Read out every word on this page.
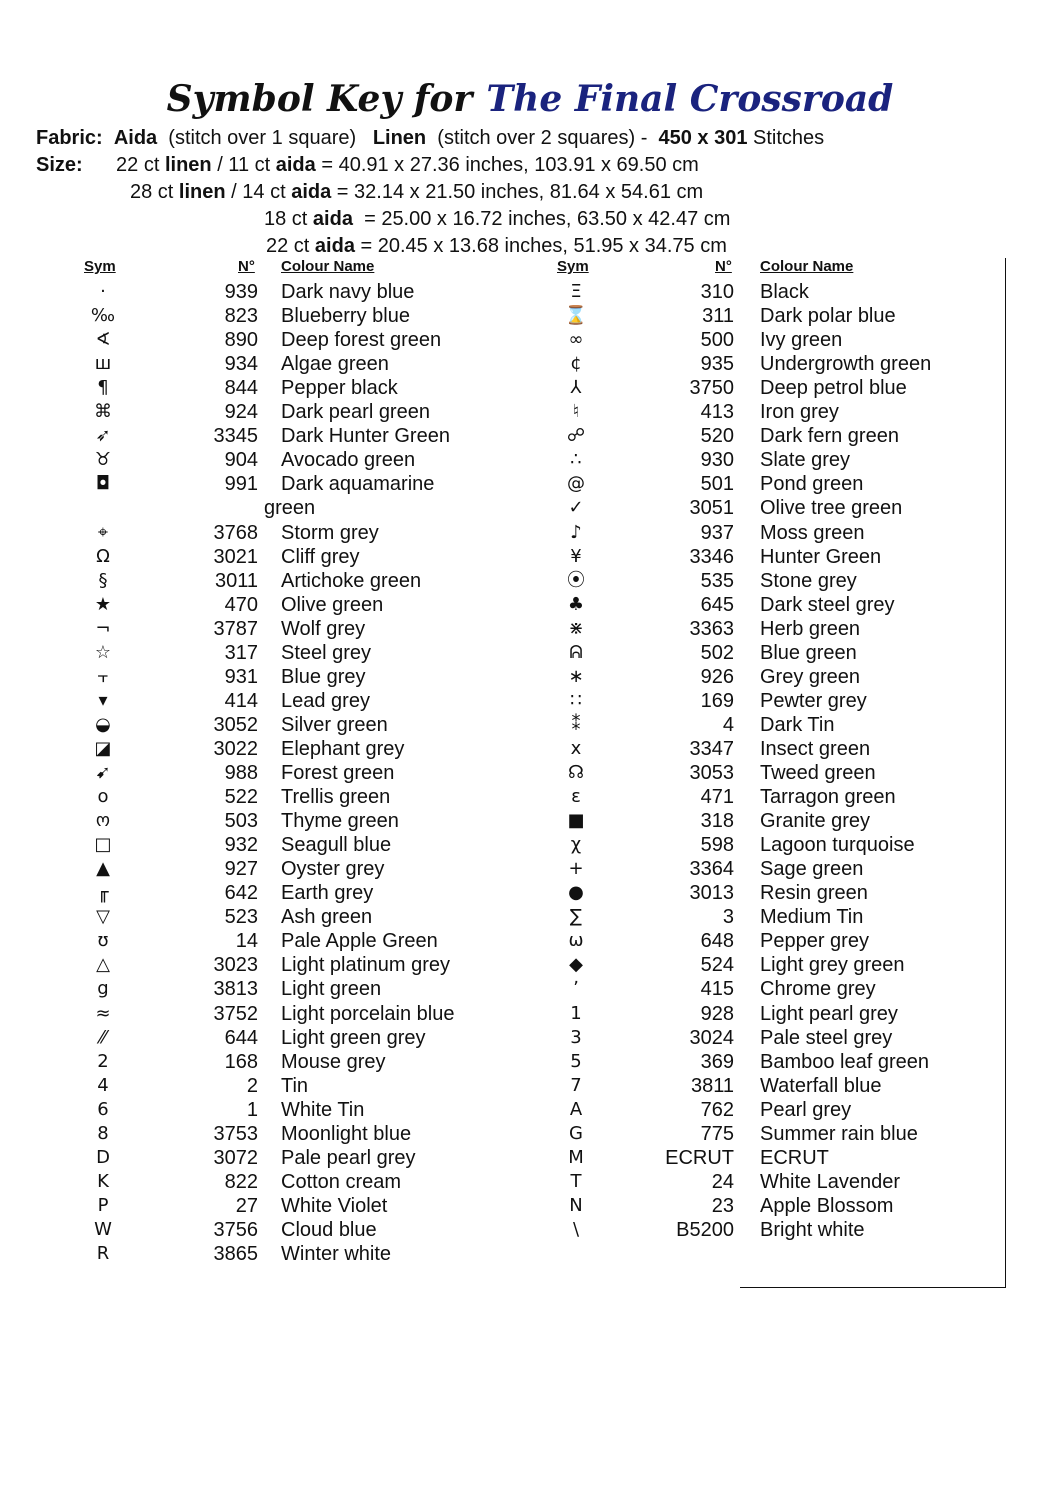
Symbol Key for The Final Crossroad
Fabric: Aida (stitch over 1 square) Linen (stitch over 2 squares) - 450 x 301 Stitches
Size: 22 ct linen / 11 ct aida = 40.91 x 27.36 inches, 103.91 x 69.50 cm
28 ct linen / 14 ct aida = 32.14 x 21.50 inches, 81.64 x 54.61 cm
18 ct aida = 25.00 x 16.72 inches, 63.50 x 42.47 cm
22 ct aida = 20.45 x 13.68 inches, 51.95 x 34.75 cm
Sym	N° Colour Name	Sym	N° Colour Name
·	939 Dark navy blue
‰	823 Blueberry blue
∢	890 Deep forest green
ш	934 Algae green
¶	844 Pepper black
⌘	924 Dark pearl green
➶	3345 Dark Hunter Green
♉	904 Avocado green
◘	991 Dark aquamarine
green
⌖	3768 Storm grey
Ω	3021 Cliff grey
§	3011 Artichoke green
★	470 Olive green
¬	3787 Wolf grey
☆	317 Steel grey
⫟	931 Blue grey
▾	414 Lead grey
◒	3052 Silver green
◪	3022 Elephant grey
➹	988 Forest green
o	522 Trellis green
ო	503 Thyme green
□	932 Seagull blue
▲	927 Oyster grey
╓	642 Earth grey
▽	523 Ash green
ʊ	14 Pale Apple Green
△	3023 Light platinum grey
g	3813 Light green
≈	3752 Light porcelain blue
⁄⁄	644 Light green grey
2	168 Mouse grey
4	2 Tin
6	1 White Tin
8	3753 Moonlight blue
D	3072 Pale pearl grey
K	822 Cotton cream
P	27 White Violet
W	3756 Cloud blue
R	3865 Winter white
Ξ	310 Black
⌛	311 Dark polar blue
∞	500 Ivy green
¢	935 Undergrowth green
⅄	3750 Deep petrol blue
♮	413 Iron grey
☍	520 Dark fern green
∴	930 Slate grey
@	501 Pond green
✓	3051 Olive tree green
♪	937 Moss green
¥	3346 Hunter Green
⦿	535 Stone grey
♣	645 Dark steel grey
⋇	3363 Herb green
ᕱ	502 Blue green
∗	926 Grey green
∷	169 Pewter grey
⁑	4 Dark Tin
x	3347 Insect green
☊	3053 Tweed green
ε	471 Tarragon green
■	318 Granite grey
χ	598 Lagoon turquoise
+	3364 Sage green
●	3013 Resin green
∑	3 Medium Tin
ω	648 Pepper grey
◆	524 Light grey green
٬	415 Chrome grey
1	928 Light pearl grey
3	3024 Pale steel grey
5	369 Bamboo leaf green
7	3811 Waterfall blue
A	762 Pearl grey
G	775 Summer rain blue
M	ECRUT ECRUT
T	24 White Lavender
N	23 Apple Blossom
\	B5200 Bright white
